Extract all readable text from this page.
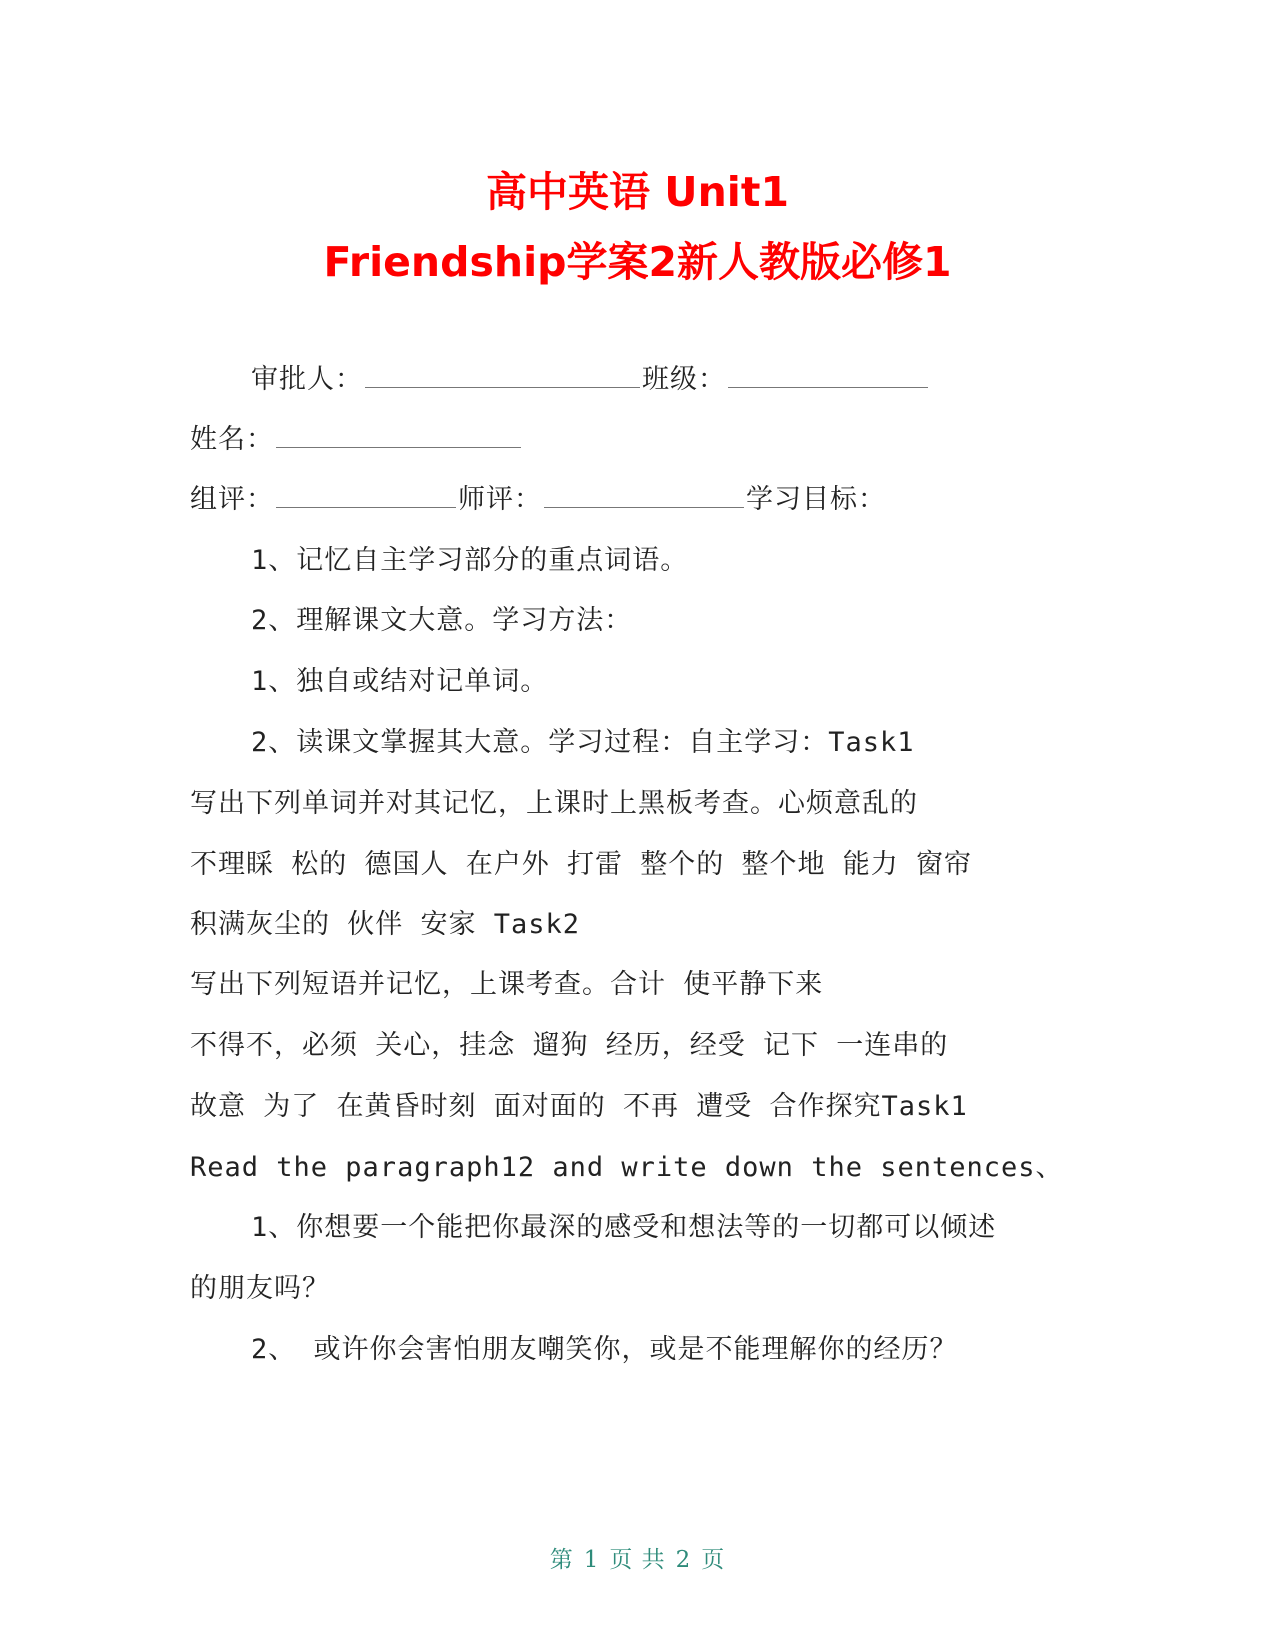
高中英语 Unit1
Friendship学案2新人教版必修1
审批人：	班级：
姓名：
组评：	师评：	学习目标：
1、记忆自主学习部分的重点词语。
2、理解课文大意。学习方法：
1、独自或结对记单词。
2、读课文掌握其大意。学习过程：自主学习：Task1
写出下列单词并对其记忆，上课时上黑板考查。心烦意乱的
不理睬 松的 德国人 在户外 打雷 整个的 整个地 能力 窗帘
积满灰尘的 伙伴 安家 Task2
写出下列短语并记忆，上课考查。合计 使平静下来
不得不，必须 关心，挂念 遛狗 经历，经受 记下 一连串的
故意 为了 在黄昏时刻 面对面的 不再 遭受 合作探究Task1
Read the paragraph12 and write down the sentences、
1、你想要一个能把你最深的感受和想法等的一切都可以倾述
的朋友吗？
2、 或许你会害怕朋友嘲笑你，或是不能理解你的经历？
第 1 页 共 2 页
